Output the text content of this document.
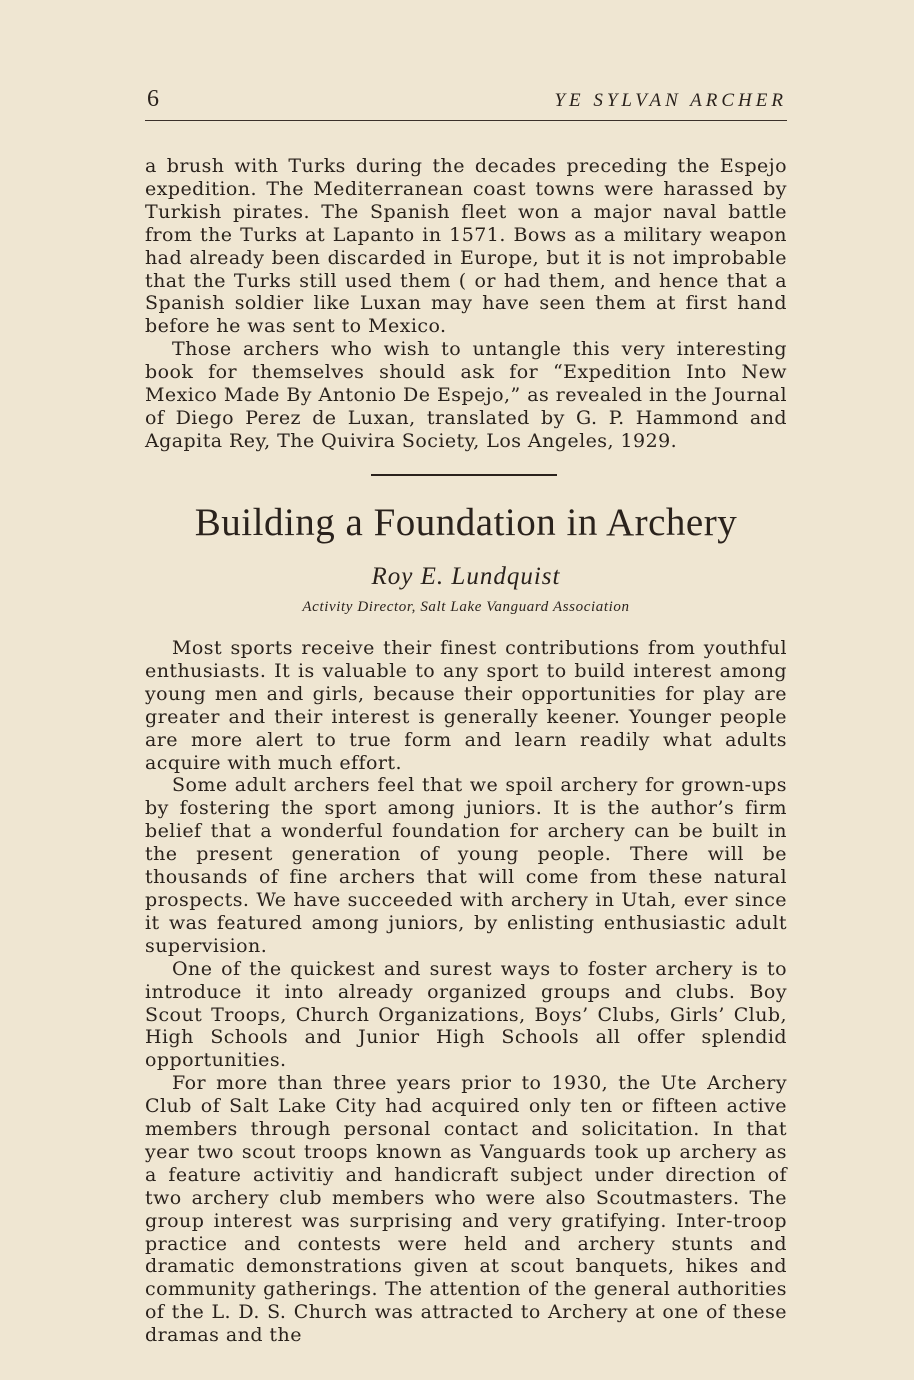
6	YE SYLVAN ARCHER

a brush with Turks during the decades preceding the Espejo expedition. The Mediterranean coast towns were harassed by Turkish pirates. The Spanish fleet won a major naval battle from the Turks at Lapanto in 1571. Bows as a military weapon had already been discarded in Europe, but it is not improbable that the Turks still used them ( or had them, and hence that a Spanish soldier like Luxan may have seen them at first hand before he was sent to Mexico.

Those archers who wish to untangle this very interesting book for themselves should ask for “Expedition Into New Mexico Made By Antonio De Espejo,” as revealed in the Journal of Diego Perez de Luxan, translated by G. P. Hammond and Agapita Rey, The Quivira Society, Los Angeles, 1929.

Building a Foundation in Archery
Roy E. Lundquist
Activity Director, Salt Lake Vanguard Association

Most sports receive their finest contributions from youthful enthusiasts. It is valuable to any sport to build interest among young men and girls, because their opportunities for play are greater and their interest is generally keener. Younger people are more alert to true form and learn readily what adults acquire with much effort.

Some adult archers feel that we spoil archery for grown-ups by fostering the sport among juniors. It is the author’s firm belief that a wonderful foundation for archery can be built in the present generation of young people. There will be thousands of fine archers that will come from these natural prospects. We have succeeded with archery in Utah, ever since it was featured among juniors, by enlisting enthusiastic adult supervision.

One of the quickest and surest ways to foster archery is to introduce it into already organized groups and clubs. Boy Scout Troops, Church Organizations, Boys’ Clubs, Girls’ Club, High Schools and Junior High Schools all offer splendid opportunities.

For more than three years prior to 1930, the Ute Archery Club of Salt Lake City had acquired only ten or fifteen active members through personal contact and solicitation. In that year two scout troops known as Vanguards took up archery as a feature activitiy and handicraft subject under direction of two archery club members who were also Scoutmasters. The group interest was surprising and very gratifying. Inter-troop practice and contests were held and archery stunts and dramatic demonstrations given at scout banquets, hikes and community gatherings. The attention of the general authorities of the L. D. S. Church was attracted to Archery at one of these dramas and the
